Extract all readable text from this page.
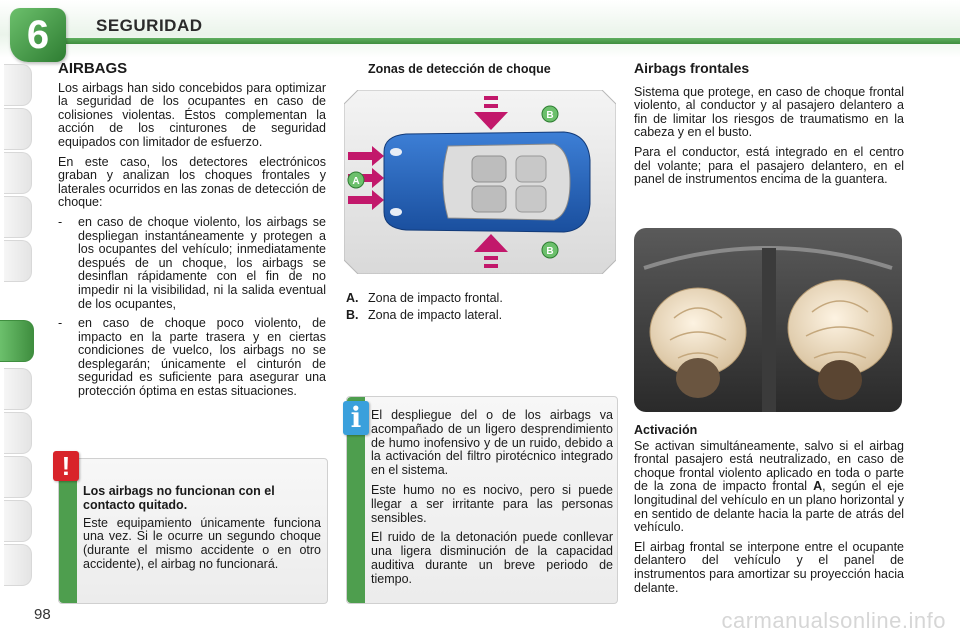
6	SEGURIDAD
AIRBAGS
Los airbags han sido concebidos para optimizar la seguridad de los ocupantes en caso de colisiones violentas. Éstos complementan la acción de los cinturones de seguridad equipados con limitador de esfuerzo.
En este caso, los detectores electrónicos graban y analizan los choques frontales y laterales ocurridos en las zonas de detección de choque:
-	en caso de choque violento, los airbags se despliegan instantáneamente y protegen a los ocupantes del vehículo; inmediatamente después de un choque, los airbags se desinflan rápidamente con el fin de no impedir ni la visibilidad, ni la salida eventual de los ocupantes,
-	en caso de choque poco violento, de impacto en la parte trasera y en ciertas condiciones de vuelco, los airbags no se desplegarán; únicamente el cinturón de seguridad es suficiente para asegurar una protección óptima en estas situaciones.
!
Los airbags no funcionan con el contacto quitado.
Este equipamiento únicamente funciona una vez. Si le ocurre un segundo choque (durante el mismo accidente o en otro accidente), el airbag no funcionará.
Zonas de detección de choque
A
B
B
A. Zona de impacto frontal.
B. Zona de impacto lateral.
i El despliegue del o de los airbags va acompañado de un ligero desprendimiento de humo inofensivo y de un ruido, debido a la activación del filtro pirotécnico integrado en el sistema.
Este humo no es nocivo, pero si puede llegar a ser irritante para las personas sensibles.
El ruido de la detonación puede conllevar una ligera disminución de la capacidad auditiva durante un breve periodo de tiempo.
Airbags frontales
Sistema que protege, en caso de choque frontal violento, al conductor y al pasajero delantero a fin de limitar los riesgos de traumatismo en la cabeza y en el busto.
Para el conductor, está integrado en el centro del volante; para el pasajero delantero, en el panel de instrumentos encima de la guantera.
Activación
Se activan simultáneamente, salvo si el airbag frontal pasajero está neutralizado, en caso de choque frontal violento aplicado en toda o parte de la zona de impacto frontal A, según el eje longitudinal del vehículo en un plano horizontal y en sentido de delante hacia la parte de atrás del vehículo.
El airbag frontal se interpone entre el ocupante delantero del vehículo y el panel de instrumentos para amortizar su proyección hacia delante.
98	carmanualsonline.info
